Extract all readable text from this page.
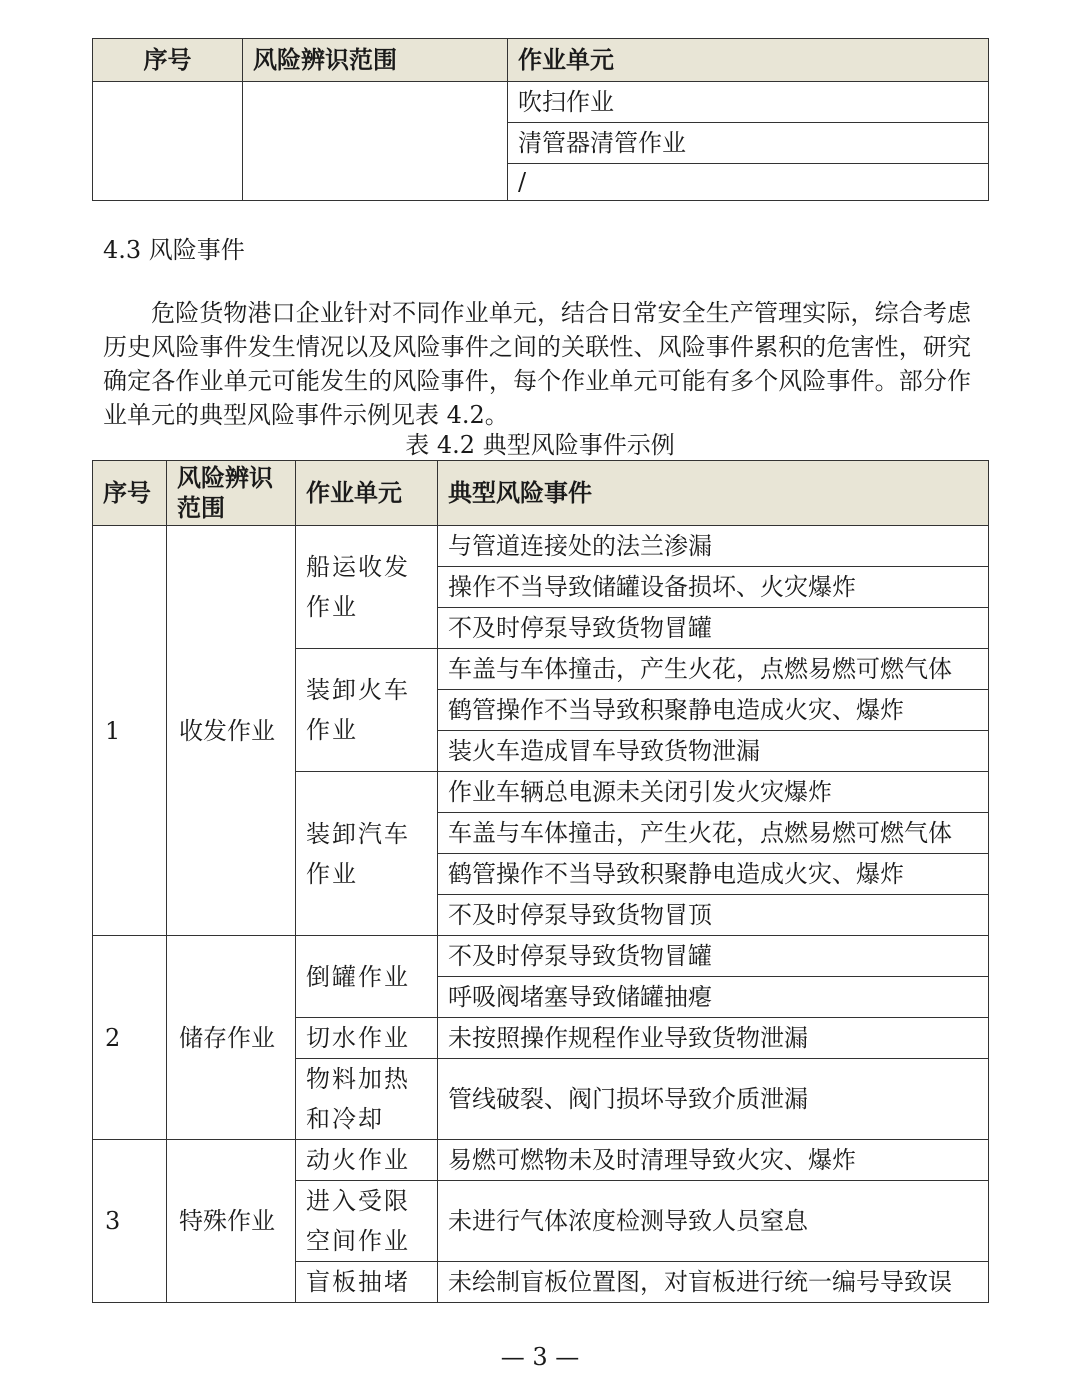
序号	风险辨识范围	作业单元
		吹扫作业
		清管器清管作业
		/
4.3 风险事件
危险货物港口企业针对不同作业单元，结合日常安全生产管理实际，综合考虑历史风险事件发生情况以及风险事件之间的关联性、风险事件累积的危害性，研究确定各作业单元可能发生的风险事件，每个作业单元可能有多个风险事件。部分作业单元的典型风险事件示例见表 4.2。
表 4.2 典型风险事件示例
序号	风险辨识范围	作业单元	典型风险事件
1	收发作业	船运收发作业	与管道连接处的法兰渗漏
			操作不当导致储罐设备损坏、火灾爆炸
			不及时停泵导致货物冒罐
		装卸火车作业	车盖与车体撞击，产生火花，点燃易燃可燃气体
			鹤管操作不当导致积聚静电造成火灾、爆炸
			装火车造成冒车导致货物泄漏
		装卸汽车作业	作业车辆总电源未关闭引发火灾爆炸
			车盖与车体撞击，产生火花，点燃易燃可燃气体
			鹤管操作不当导致积聚静电造成火灾、爆炸
			不及时停泵导致货物冒顶
2	储存作业	倒罐作业	不及时停泵导致货物冒罐
			呼吸阀堵塞导致储罐抽瘪
		切水作业	未按照操作规程作业导致货物泄漏
		物料加热和冷却	管线破裂、阀门损坏导致介质泄漏

3	特殊作业	动火作业	易燃可燃物未及时清理导致火灾、爆炸
		进入受限空间作业	未进行气体浓度检测导致人员窒息

		盲板抽堵	未绘制盲板位置图，对盲板进行统一编号导致误
— 3 —
